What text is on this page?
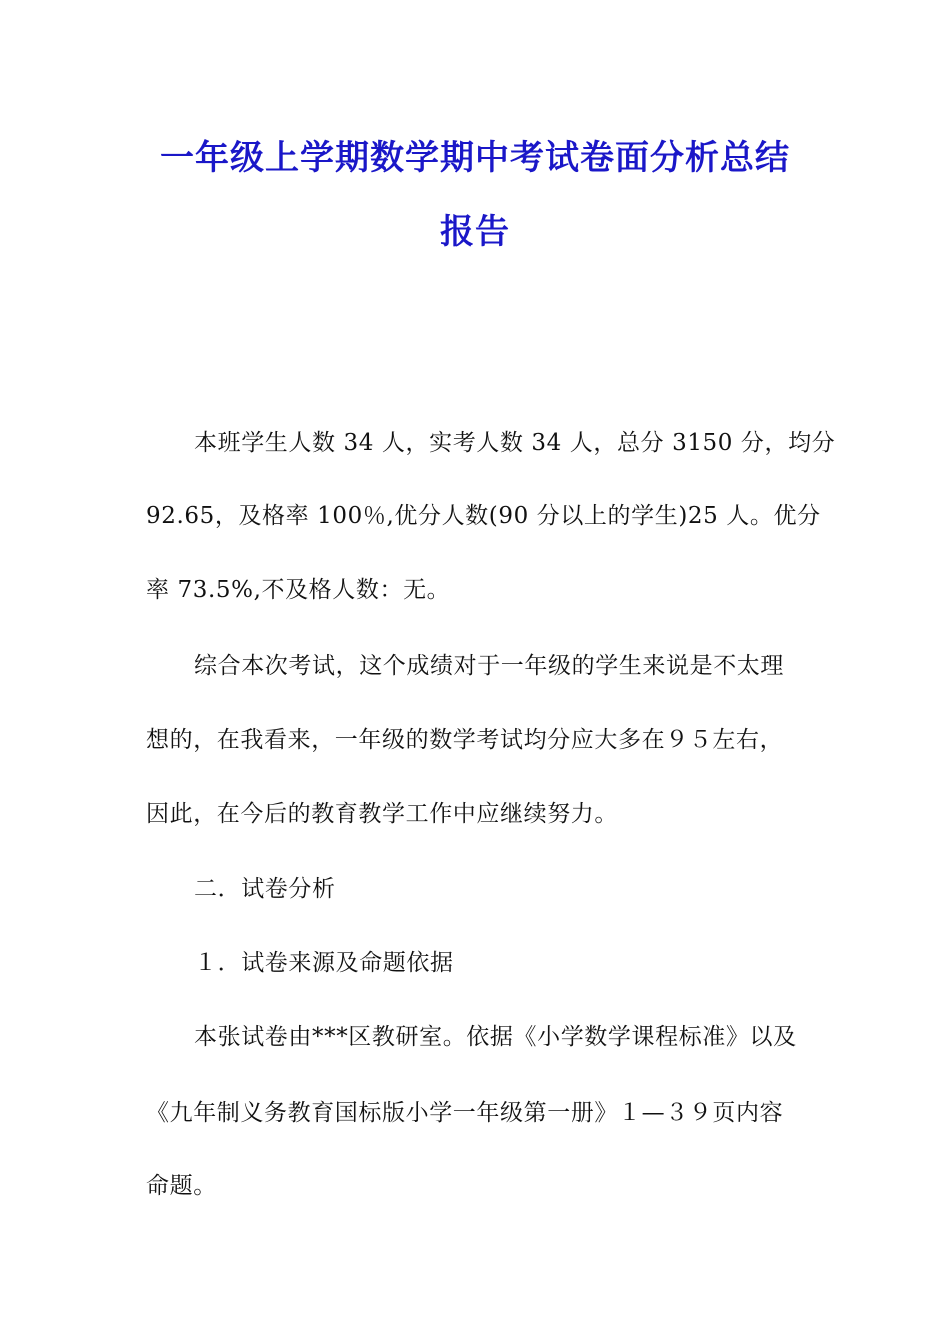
一年级上学期数学期中考试卷面分析总结
报告
本班学生人数 34 人，实考人数 34 人，总分 3150 分，均分
92.65，及格率 100％,优分人数(90 分以上的学生)25 人。优分
率 73.5%,不及格人数：无。
综合本次考试，这个成绩对于一年级的学生来说是不太理
想的，在我看来，一年级的数学考试均分应大多在９５左右，
因此，在今后的教育教学工作中应继续努力。
二．试卷分析
１．试卷来源及命题依据
本张试卷由***区教研室。依据《小学数学课程标准》以及
《九年制义务教育国标版小学一年级第一册》１—３９页内容
命题。
